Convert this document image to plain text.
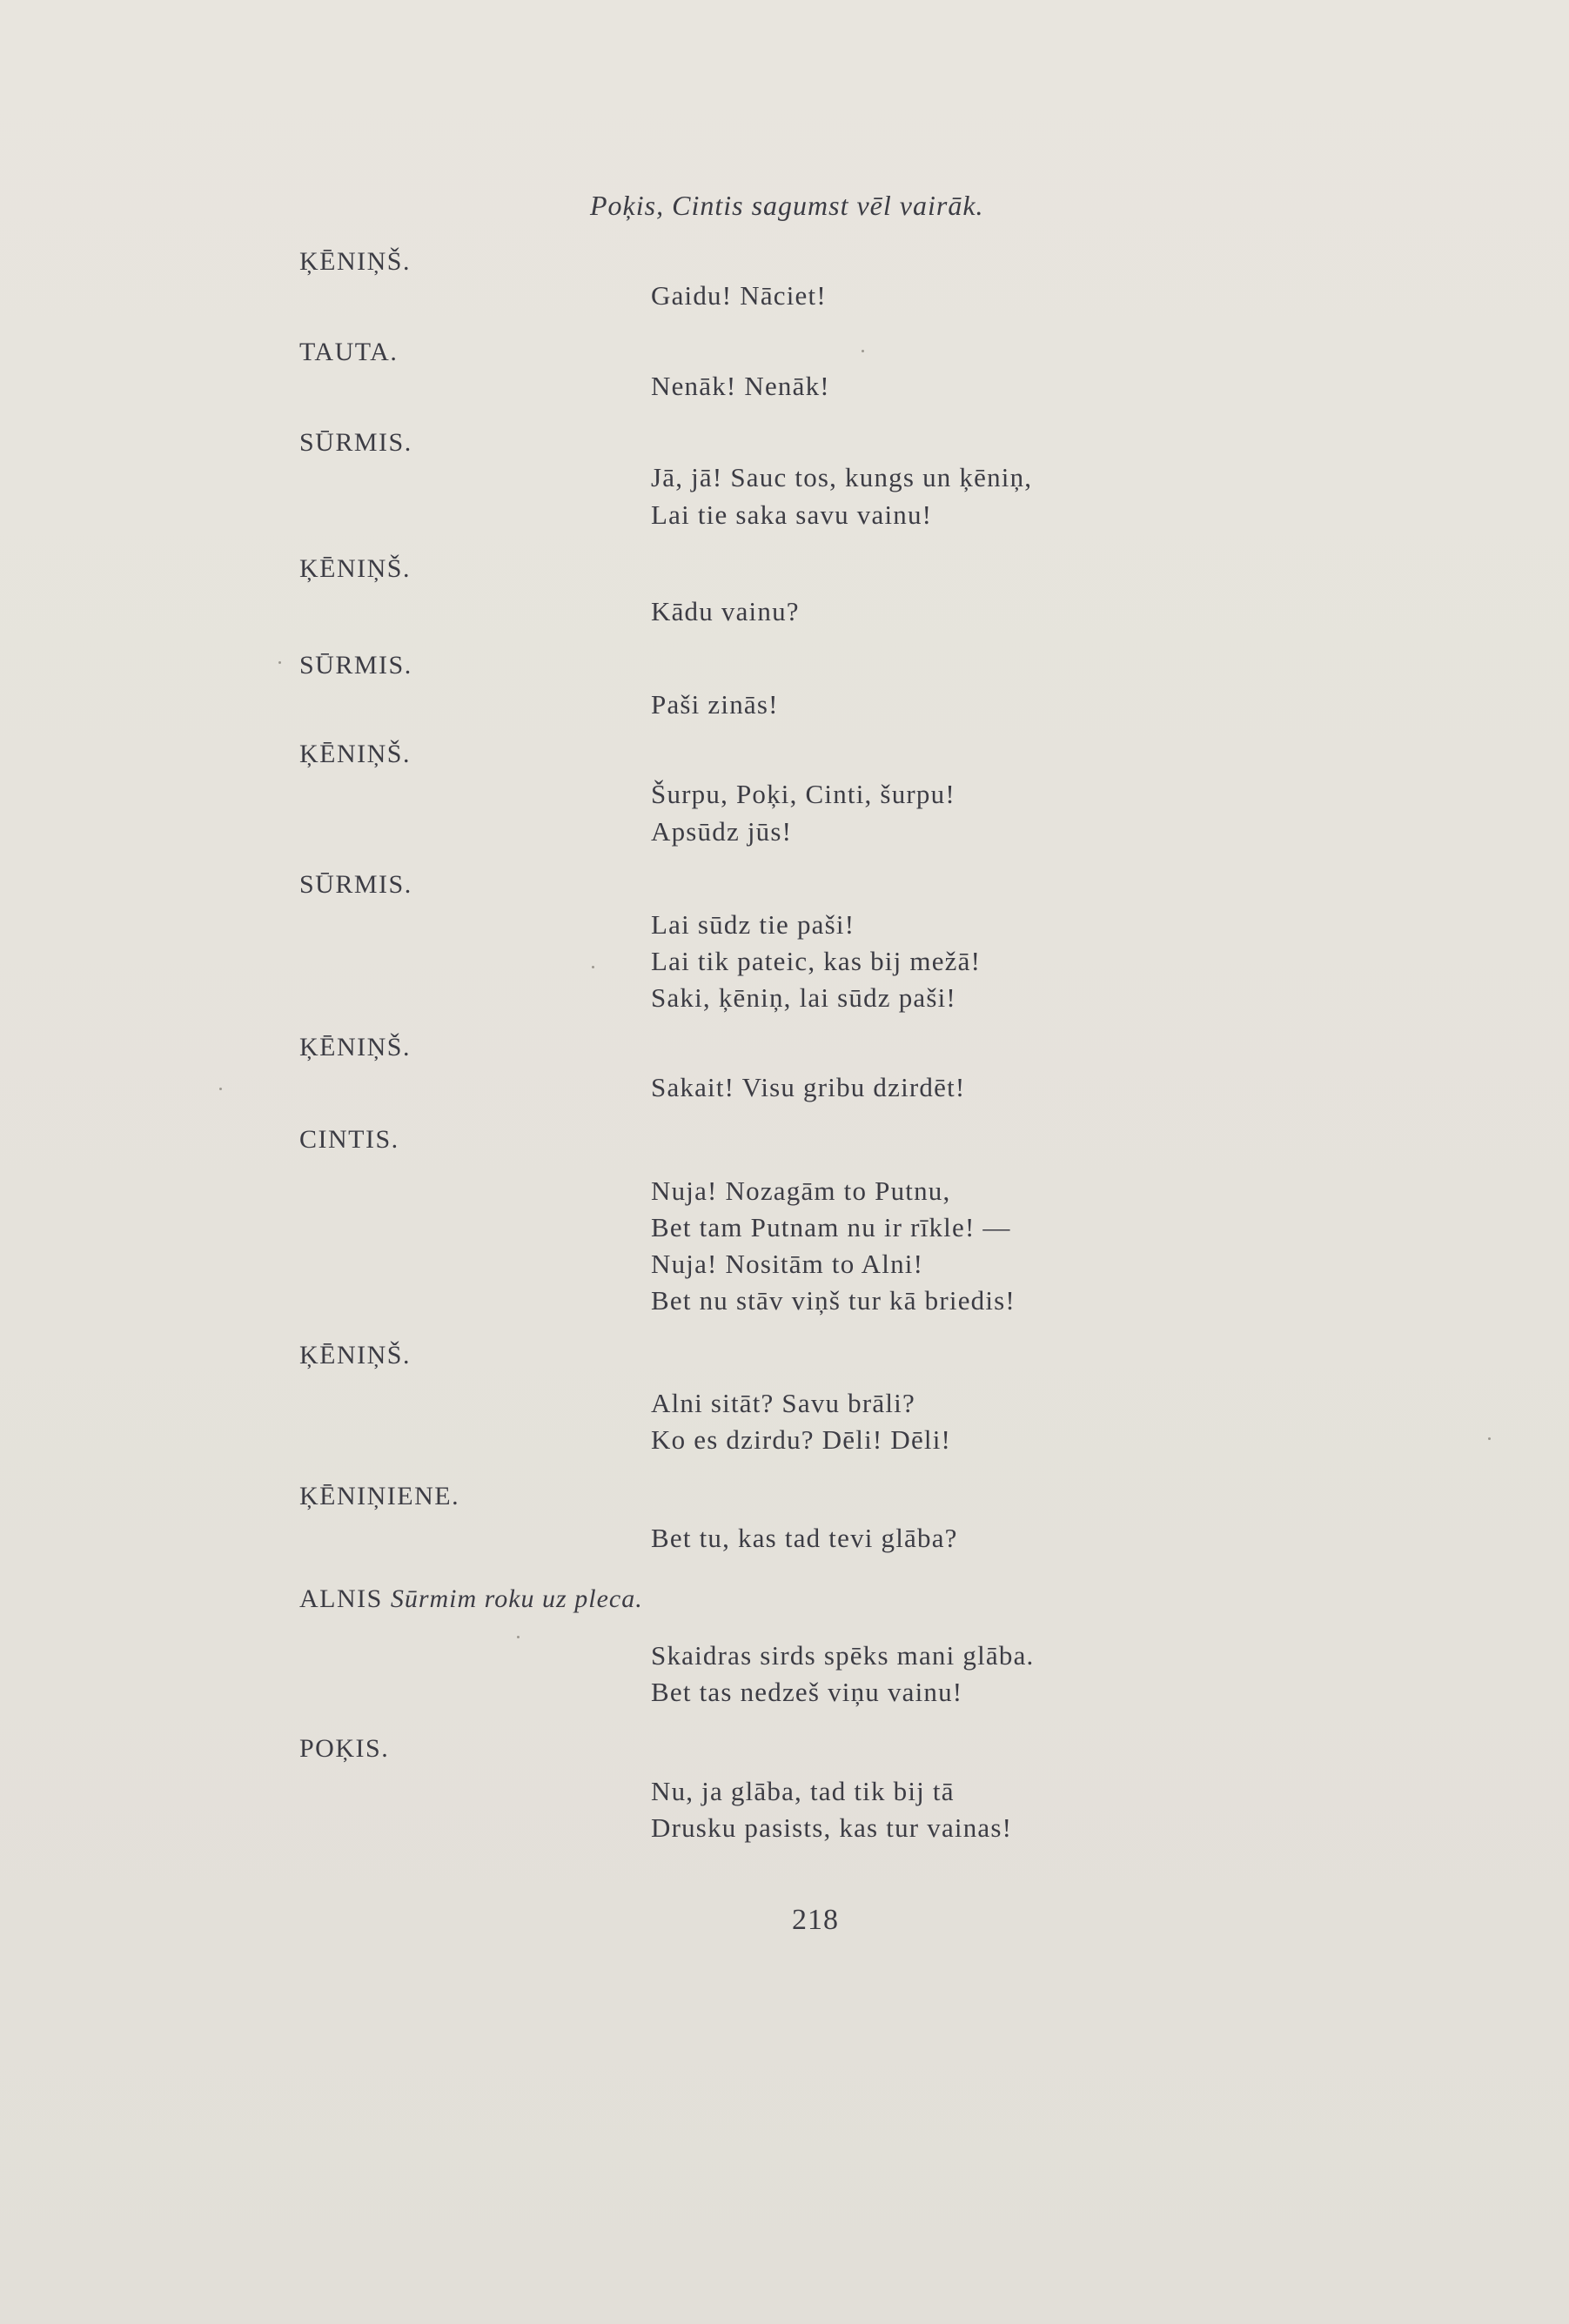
Poķis, Cintis sagumst vēl vairāk.
ĶĒNIŅŠ.
Gaidu! Nāciet!
TAUTA.
Nenāk! Nenāk!
SŪRMIS.
Jā, jā! Sauc tos, kungs un ķēniņ,
Lai tie saka savu vainu!
ĶĒNIŅŠ.
Kādu vainu?
SŪRMIS.
Paši zinās!
ĶĒNIŅŠ.
Šurpu, Poķi, Cinti, šurpu!
Apsūdz jūs!
SŪRMIS.
Lai sūdz tie paši!
Lai tik pateic, kas bij mežā!
Saki, ķēniņ, lai sūdz paši!
ĶĒNIŅŠ.
Sakait! Visu gribu dzirdēt!
CINTIS.
Nuja! Nozagām to Putnu,
Bet tam Putnam nu ir rīkle! —
Nuja! Nositām to Alni!
Bet nu stāv viņš tur kā briedis!
ĶĒNIŅŠ.
Alni sitāt? Savu brāli?
Ko es dzirdu? Dēli! Dēli!
ĶĒNIŅIENE.
Bet tu, kas tad tevi glāba?
ALNIS Sūrmim roku uz pleca.
Skaidras sirds spēks mani glāba.
Bet tas nedzeš viņu vainu!
POĶIS.
Nu, ja glāba, tad tik bij tā
Drusku pasists, kas tur vainas!
218
